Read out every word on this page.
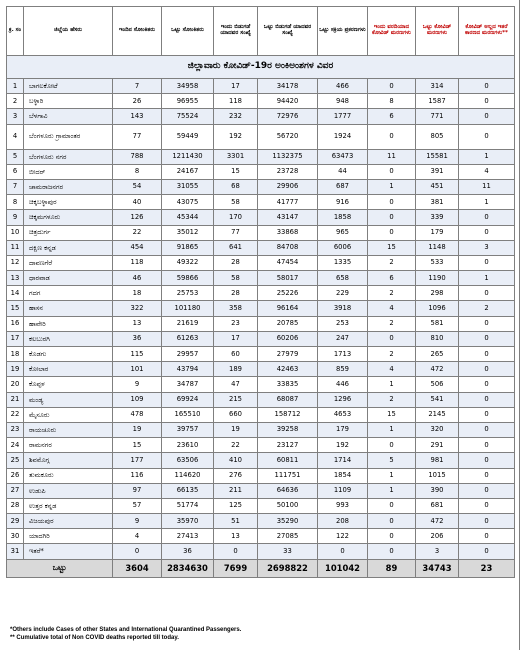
ಜಿಲ್ಲಾವಾರು ಕೋವಿಡ್-19ರ ಅಂಕಿಅಂಶಗಳ ವಿವರ									
ಕ್ರ. ಸಂ	ಜಿಲ್ಲೆಯ ಹೆಸರು	ಇಂದಿನ ಸೋಂಕಿತರು	ಒಟ್ಟು ಸೋಂಕಿತರು	ಇಂದು ಬಿಡುಗಡೆ ಯಾದವರ ಸಂಖ್ಯೆ	ಒಟ್ಟು ಬಿಡುಗಡೆ ಯಾದವರ ಸಂಖ್ಯೆ	ಒಟ್ಟು ಸಕ್ರಿಯ ಪ್ರಕರಣಗಳು	ಇಂದು ವರದಿಯಾದ ಕೋವಿಡ್ ಮರಣಗಳು	ಒಟ್ಟು ಕೋವಿಡ್ ಮರಣಗಳು	ಕೋವಿಡ್ ಅಲ್ಲದ ಇತರೆ ಕಾರಣದ ಮರಣಗಳು**
1	ಬಾಗಲಕೋಟೆ	7	34958	17	34178	466	0	314	0
2	ಬಳ್ಳಾರಿ	26	96955	118	94420	948	8	1587	0
3	ಬೆಳಗಾವಿ	143	75524	232	72976	1777	6	771	0
4	ಬೆಂಗಳೂರು ಗ್ರಾಮಾಂತರ	77	59449	192	56720	1924	0	805	0
5	ಬೆಂಗಳೂರು ನಗರ	788	1211430	3301	1132375	63473	11	15581	1
6	ಬೀದರ್	8	24167	15	23728	44	0	391	4
7	ಚಾಮರಾಜನಗರ	54	31055	68	29906	687	1	451	11
8	ಚಿಕ್ಕಬಳ್ಳಾಪುರ	40	43075	58	41777	916	0	381	1
9	ಚಿಕ್ಕಮಗಳೂರು	126	45344	170	43147	1858	0	339	0
10	ಚಿತ್ರದುರ್ಗ	22	35012	77	33868	965	0	179	0
11	ದಕ್ಷಿಣ ಕನ್ನಡ	454	91865	641	84708	6006	15	1148	3
12	ದಾವಣಗೆರೆ	118	49322	28	47454	1335	2	533	0
13	ಧಾರವಾಡ	46	59866	58	58017	658	6	1190	1
14	ಗದಗ	18	25753	28	25226	229	2	298	0
15	ಹಾಸನ	322	101180	358	96164	3918	4	1096	2
16	ಹಾವೇರಿ	13	21619	23	20785	253	2	581	0
17	ಕಲಬುರಗಿ	36	61263	17	60206	247	0	810	0
18	ಕೊಡಗು	115	29957	60	27979	1713	2	265	0
19	ಕೋಲಾರ	101	43794	189	42463	859	4	472	0
20	ಕೊಪ್ಪಳ	9	34787	47	33835	446	1	506	0
21	ಮಂಡ್ಯ	109	69924	215	68087	1296	2	541	0
22	ಮೈಸೂರು	478	165510	660	158712	4653	15	2145	0
23	ರಾಯಚೂರು	19	39757	19	39258	179	1	320	0
24	ರಾಮನಗರ	15	23610	22	23127	192	0	291	0
25	ಶಿವಮೊಗ್ಗ	177	63506	410	60811	1714	5	981	0
26	ತುಮಕೂರು	116	114620	276	111751	1854	1	1015	0
27	ಉಡುಪಿ	97	66135	211	64636	1109	1	390	0
28	ಉತ್ತರ ಕನ್ನಡ	57	51774	125	50100	993	0	681	0
29	ವಿಜಯಪುರ	9	35970	51	35290	208	0	472	0
30	ಯಾದಗಿರಿ	4	27413	13	27085	122	0	206	0
31	ಇತರೆ*	0	36	0	33	0	0	3	0
ಒಟ್ಟು		3604	2834630	7699	2698822	101042	89	34743	23
*Others include Cases of other States and International Quarantined Passengers.
** Cumulative total of Non COVID deaths reported till today.
